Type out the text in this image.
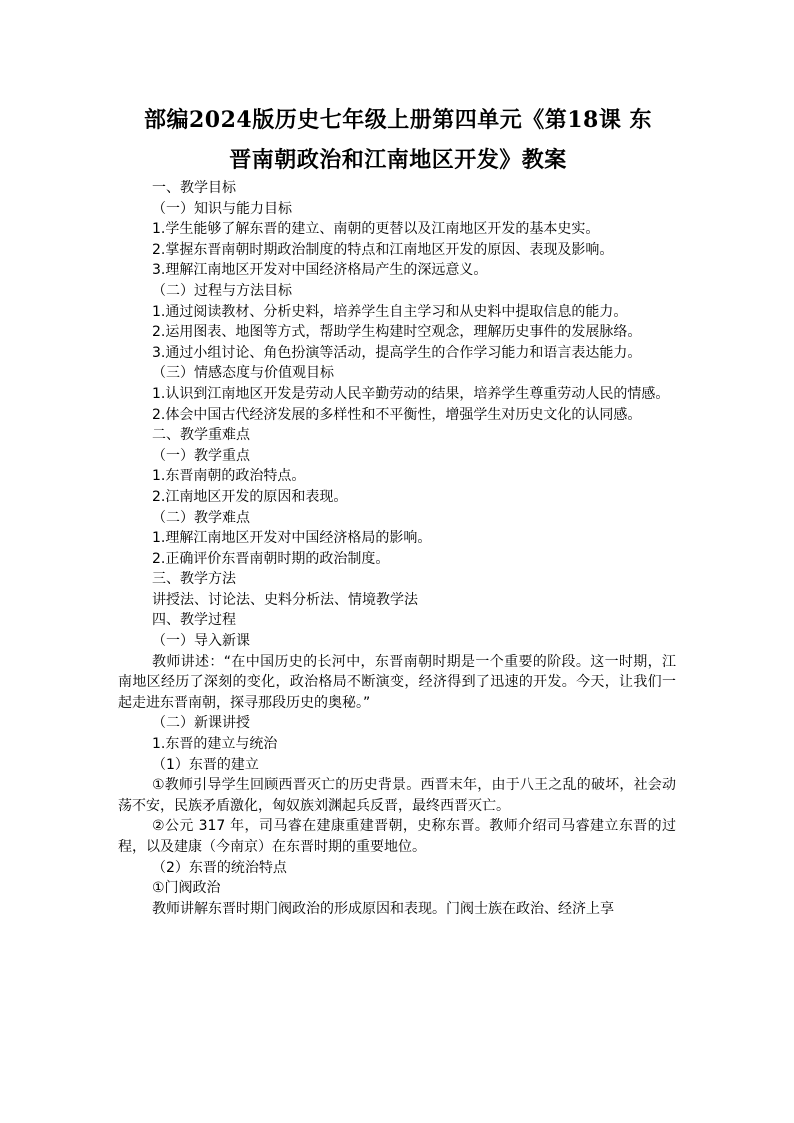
部编2024版历史七年级上册第四单元《第18课 东
晋南朝政治和江南地区开发》教案

一、教学目标

（一）知识与能力目标

1.学生能够了解东晋的建立、南朝的更替以及江南地区开发的基本史实。

2.掌握东晋南朝时期政治制度的特点和江南地区开发的原因、表现及影响。

3.理解江南地区开发对中国经济格局产生的深远意义。

（二）过程与方法目标

1.通过阅读教材、分析史料，培养学生自主学习和从史料中提取信息的能力。

2.运用图表、地图等方式，帮助学生构建时空观念，理解历史事件的发展脉络。

3.通过小组讨论、角色扮演等活动，提高学生的合作学习能力和语言表达能力。

（三）情感态度与价值观目标

1.认识到江南地区开发是劳动人民辛勤劳动的结果，培养学生尊重劳动人民的情感。

2.体会中国古代经济发展的多样性和不平衡性，增强学生对历史文化的认同感。

二、教学重难点

（一）教学重点

1.东晋南朝的政治特点。

2.江南地区开发的原因和表现。

（二）教学难点

1.理解江南地区开发对中国经济格局的影响。

2.正确评价东晋南朝时期的政治制度。

三、教学方法

讲授法、讨论法、史料分析法、情境教学法

四、教学过程

（一）导入新课

教师讲述：“在中国历史的长河中，东晋南朝时期是一个重要的阶段。这一时期，江南地区经历了深刻的变化，政治格局不断演变，经济得到了迅速的开发。今天，让我们一起走进东晋南朝，探寻那段历史的奥秘。”

（二）新课讲授

1.东晋的建立与统治

（1）东晋的建立

①教师引导学生回顾西晋灭亡的历史背景。西晋末年，由于八王之乱的破坏，社会动荡不安，民族矛盾激化，匈奴族刘渊起兵反晋，最终西晋灭亡。

②公元 317 年，司马睿在建康重建晋朝，史称东晋。教师介绍司马睿建立东晋的过程，以及建康（今南京）在东晋时期的重要地位。

（2）东晋的统治特点

①门阀政治

教师讲解东晋时期门阀政治的形成原因和表现。门阀士族在政治、经济上享
